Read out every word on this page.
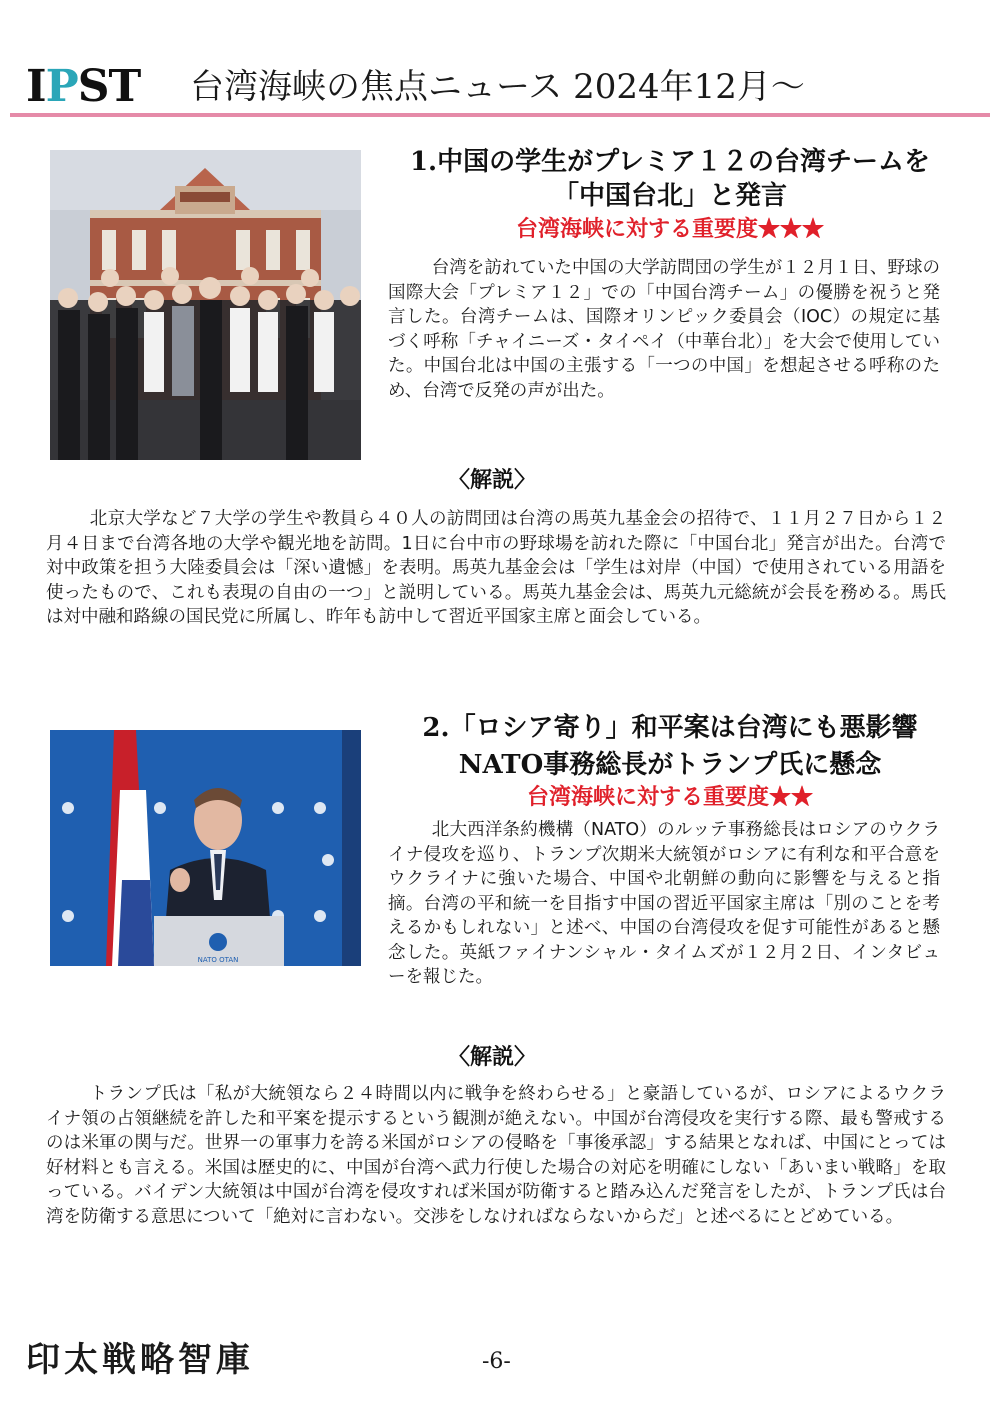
IPST 台湾海峡の焦点ニュース 2024年12月～
1.中国の学生がプレミア１２の台湾チームを
「中国台北」と発言
台湾海峡に対する重要度★★★
台湾を訪れていた中国の大学訪問団の学生が１２月１日、野球の国際大会「プレミア１２」での「中国台湾チーム」の優勝を祝うと発言した。台湾チームは、国際オリンピック委員会（IOC）の規定に基づく呼称「チャイニーズ・タイペイ（中華台北）」を大会で使用していた。中国台北は中国の主張する「一つの中国」を想起させる呼称のため、台湾で反発の声が出た。
〈解説〉
北京大学など７大学の学生や教員ら４０人の訪問団は台湾の馬英九基金会の招待で、１１月２７日から１２月４日まで台湾各地の大学や観光地を訪問。1日に台中市の野球場を訪れた際に「中国台北」発言が出た。台湾で対中政策を担う大陸委員会は「深い遺憾」を表明。馬英九基金会は「学生は対岸（中国）で使用されている用語を使ったもので、これも表現の自由の一つ」と説明している。馬英九基金会は、馬英九元総統が会長を務める。馬氏は対中融和路線の国民党に所属し、昨年も訪中して習近平国家主席と面会している。
NATO OTAN
2.「ロシア寄り」和平案は台湾にも悪影響
NATO事務総長がトランプ氏に懸念
台湾海峡に対する重要度★★
北大西洋条約機構（NATO）のルッテ事務総長はロシアのウクライナ侵攻を巡り、トランプ次期米大統領がロシアに有利な和平合意をウクライナに強いた場合、中国や北朝鮮の動向に影響を与えると指摘。台湾の平和統一を目指す中国の習近平国家主席は「別のことを考えるかもしれない」と述べ、中国の台湾侵攻を促す可能性があると懸念した。英紙ファイナンシャル・タイムズが１２月２日、インタビューを報じた。
〈解説〉
トランプ氏は「私が大統領なら２４時間以内に戦争を終わらせる」と豪語しているが、ロシアによるウクライナ領の占領継続を許した和平案を提示するという観測が絶えない。中国が台湾侵攻を実行する際、最も警戒するのは米軍の関与だ。世界一の軍事力を誇る米国がロシアの侵略を「事後承認」する結果となれば、中国にとっては好材料とも言える。米国は歴史的に、中国が台湾へ武力行使した場合の対応を明確にしない「あいまい戦略」を取っている。バイデン大統領は中国が台湾を侵攻すれば米国が防衛すると踏み込んだ発言をしたが、トランプ氏は台湾を防衛する意思について「絶対に言わない。交渉をしなければならないからだ」と述べるにとどめている。
印太戦略智庫	-6-
